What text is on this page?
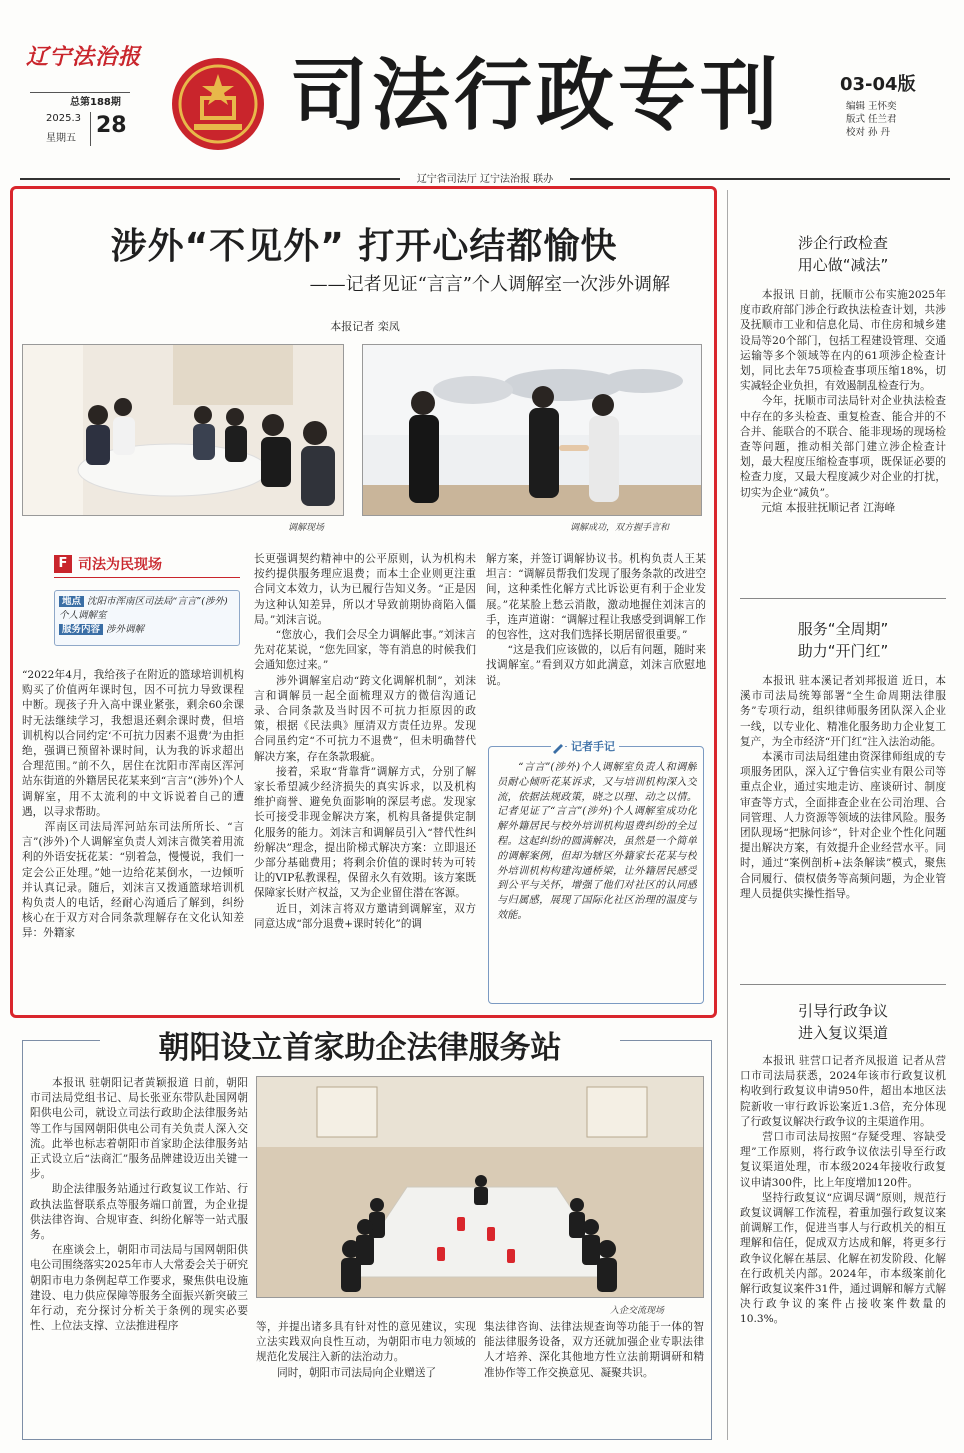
辽宁法治报
总第188期
2025.3
星期五
28 司法行政专刊	03-04版
编辑 王怀奕
版式 任兰君
校对 孙 丹
辽宁省司法厅 辽宁法治报 联办
涉外“不见外” 打开心结都愉快
——记者见证“言言”个人调解室一次涉外调解
本报记者 栾凤
调解现场	调解成功，双方握手言和
F 司法为民现场
地点 沈阳市浑南区司法局“言言”(涉外)个人调解室
服务内容 涉外调解
“2022年4月，我给孩子在附近的篮球培训机构购买了价值两年课时包，因不可抗力导致课程中断。现孩子升入高中课业紧张，剩余60余课时无法继续学习，我想退还剩余课时费，但培训机构以合同约定‘不可抗力因素不退费’为由拒绝，强调已预留补课时间，认为我的诉求超出合理范围。”前不久，居住在沈阳市浑南区浑河站东街道的外籍居民花某来到“言言”(涉外)个人调解室，用不太流利的中文诉说着自己的遭遇，以寻求帮助。
　　浑南区司法局浑河站东司法所所长、“言言”(涉外)个人调解室负责人刘沫言微笑着用流利的外语安抚花某：“别着急，慢慢说，我们一定会公正处理。”她一边给花某倒水，一边倾听并认真记录。随后，刘沫言又拨通篮球培训机构负责人的电话，经耐心沟通后了解到，纠纷核心在于双方对合同条款理解存在文化认知差异：外籍家
长更强调契约精神中的公平原则，认为机构未按约提供服务理应退费；而本土企业则更注重合同文本效力，认为已履行告知义务。“正是因为这种认知差异，所以才导致前期协商陷入僵局。”刘沫言说。
　　“您放心，我们会尽全力调解此事。”刘沫言先对花某说，“您先回家，等有消息的时候我们会通知您过来。”
　　涉外调解室启动“跨文化调解机制”，刘沫言和调解员一起全面梳理双方的微信沟通记录、合同条款及当时因不可抗力拒原因的政策，根据《民法典》厘清双方责任边界。发现合同虽约定“不可抗力不退费”，但未明确替代解决方案，存在条款瑕疵。
　　接着，采取“背靠背”调解方式，分别了解家长希望减少经济损失的真实诉求，以及机构维护商誉、避免负面影响的深层考虑。发现家长可接受非现金解决方案，机构具备提供定制化服务的能力。刘沫言和调解员引入“替代性纠纷解决”理念，提出阶梯式解决方案：立即退还少部分基础费用；将剩余价值的课时转为可转让的VIP私教课程，保留永久有效期。该方案既保障家长财产权益，又为企业留住潜在客源。
　　近日，刘沫言将双方邀请到调解室，双方同意达成“部分退费+课时转化”的调
解方案，并签订调解协议书。机构负责人王某坦言：“调解员帮我们发现了服务条款的改进空间，这种柔性化解方式比诉讼更有利于企业发展。”花某脸上愁云消散，激动地握住刘沫言的手，连声道谢：“调解过程让我感受到调解工作的包容性，这对我们选择长期居留很重要。”
　　“这是我们应该做的，以后有问题，随时来找调解室。”看到双方如此满意，刘沫言欣慰地说。
记者手记
　　“言言”(涉外)个人调解室负责人和调解员耐心倾听花某诉求，又与培训机构深入交流，依据法规政策，晓之以理、动之以情。记者见证了“言言”(涉外)个人调解室成功化解外籍居民与校外培训机构退费纠纷的全过程。这起纠纷的圆满解决，虽然是一个简单的调解案例，但却为辖区外籍家长花某与校外培训机构构建沟通桥梁，让外籍居民感受到公平与关怀，增强了他们对社区的认同感与归属感，展现了国际化社区治理的温度与效能。
朝阳设立首家助企法律服务站
　　本报讯 驻朝阳记者黄颖报道 日前，朝阳市司法局党组书记、局长张亚东带队赴国网朝阳供电公司，就设立司法行政助企法律服务站等工作与国网朝阳供电公司有关负责人深入交流。此举也标志着朝阳市首家助企法律服务站正式设立后“法商汇”服务品牌建设迈出关键一步。
　　助企法律服务站通过行政复议工作站、行政执法监督联系点等服务端口前置，为企业提供法律咨询、合规审查、纠纷化解等一站式服务。
　　在座谈会上，朝阳市司法局与国网朝阳供电公司围绕落实2025年市人大常委会关于研究朝阳市电力条例起草工作要求，聚焦供电设施建设、电力供应保障等服务全面振兴新突破三年行动，充分探讨分析关于条例的现实必要性、上位法支撑、立法推进程序
入企交流现场
等，并提出诸多具有针对性的意见建议，实现立法实践双向良性互动，为朝阳市电力领域的规范化发展注入新的法治动力。
　　同时，朝阳市司法局向企业赠送了
集法律咨询、法律法规查询等功能于一体的智能法律服务设备，双方还就加强企业专职法律人才培养、深化其他地方性立法前期调研和精准协作等工作交换意见、凝聚共识。
涉企行政检查
用心做“减法”
　　本报讯 日前，抚顺市公布实施2025年度市政府部门涉企行政执法检查计划，共涉及抚顺市工业和信息化局、市住房和城乡建设局等20个部门，包括工程建设管理、交通运输等多个领域等在内的61项涉企检查计划，同比去年75项检查事项压缩18%，切实减轻企业负担，有效遏制乱检查行为。
　　今年，抚顺市司法局针对企业执法检查中存在的多头检查、重复检查、能合并的不合并、能联合的不联合、能非现场的现场检查等问题，推动相关部门建立涉企检查计划，最大程度压缩检查事项，既保证必要的检查力度，又最大程度减少对企业的打扰，切实为企业“减负”。
　　元煊 本报驻抚顺记者 江海峰
服务“全周期”
助力“开门红”
　　本报讯 驻本溪记者刘邦报道 近日，本溪市司法局统筹部署“全生命周期法律服务”专项行动，组织律师服务团队深入企业一线，以专业化、精准化服务助力企业复工复产，为全市经济“开门红”注入法治动能。
　　本溪市司法局组建由资深律师组成的专项服务团队，深入辽宁鲁信实业有限公司等重点企业，通过实地走访、座谈研讨、制度审查等方式，全面排查企业在公司治理、合同管理、人力资源等领域的法律风险。服务团队现场“把脉问诊”，针对企业个性化问题提出解决方案，有效提升企业经营水平。同时，通过“案例剖析+法条解读”模式，聚焦合同履行、债权债务等高频问题，为企业管理人员提供实操性指导。
引导行政争议
进入复议渠道
　　本报讯 驻营口记者齐凤报道 记者从营口市司法局获悉，2024年该市行政复议机构收到行政复议申请950件，超出本地区法院新收一审行政诉讼案近1.3倍，充分体现了行政复议解决行政争议的主渠道作用。
　　营口市司法局按照“存疑受理、容缺受理”工作原则，将行政争议依法引导至行政复议渠道处理，市本级2024年接收行政复议申请300件，比上年度增加120件。
　　坚持行政复议“应调尽调”原则，规范行政复议调解工作流程，着重加强行政复议案前调解工作，促进当事人与行政机关的相互理解和信任，促成双方达成和解，将更多行政争议化解在基层、化解在初发阶段、化解在行政机关内部。2024年，市本级案前化解行政复议案件31件，通过调解和解方式解决行政争议的案件占接收案件数量的10.3%。
